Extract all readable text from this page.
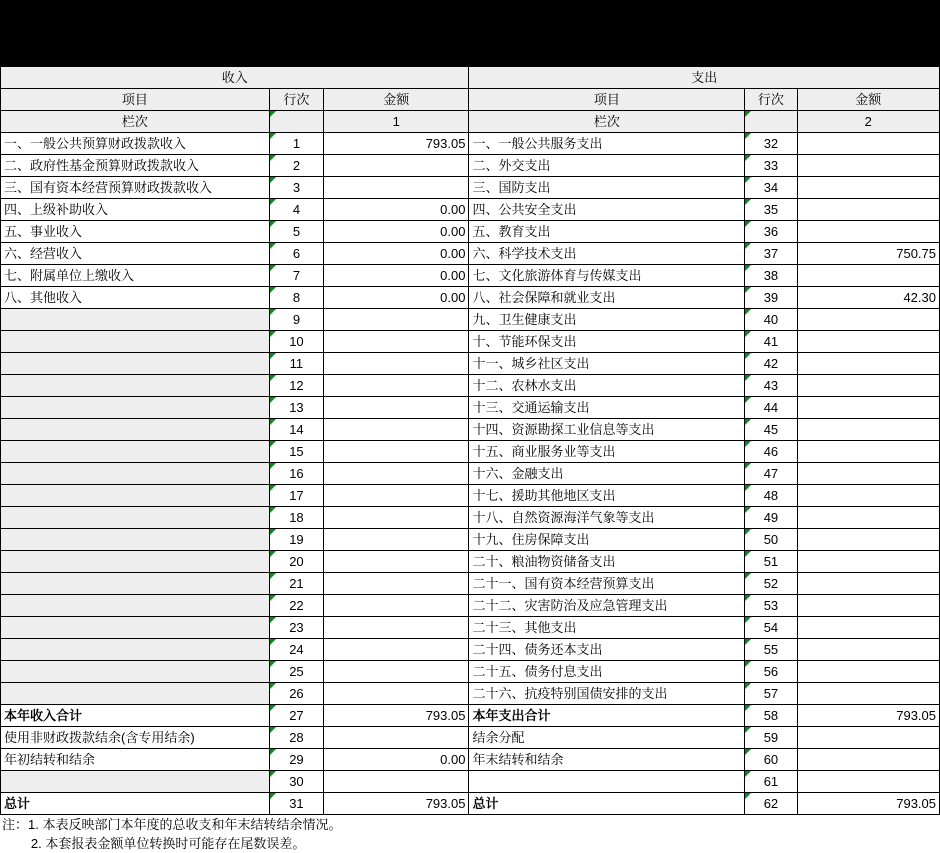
收入			支出		
项目	行次	金额	项目	行次	金额
栏次		1	栏次		2
一、一般公共预算财政拨款收入	1	793.05	一、一般公共服务支出	32	
二、政府性基金预算财政拨款收入	2		二、外交支出	33	
三、国有资本经营预算财政拨款收入	3		三、国防支出	34	
四、上级补助收入	4	0.00	四、公共安全支出	35	
五、事业收入	5	0.00	五、教育支出	36	
六、经营收入	6	0.00	六、科学技术支出	37	750.75
七、附属单位上缴收入	7	0.00	七、文化旅游体育与传媒支出	38	
八、其他收入	8	0.00	八、社会保障和就业支出	39	42.30
	9		九、卫生健康支出	40	
	10		十、节能环保支出	41	
	11		十一、城乡社区支出	42	
	12		十二、农林水支出	43	
	13		十三、交通运输支出	44	
	14		十四、资源勘探工业信息等支出	45	
	15		十五、商业服务业等支出	46	
	16		十六、金融支出	47	
	17		十七、援助其他地区支出	48	
	18		十八、自然资源海洋气象等支出	49	
	19		十九、住房保障支出	50	
	20		二十、粮油物资储备支出	51	
	21		二十一、国有资本经营预算支出	52	
	22		二十二、灾害防治及应急管理支出	53	
	23		二十三、其他支出	54	
	24		二十四、债务还本支出	55	
	25		二十五、债务付息支出	56	
	26		二十六、抗疫特别国债安排的支出	57	
本年收入合计	27	793.05	本年支出合计	58	793.05
使用非财政拨款结余(含专用结余)	28		结余分配	59	
年初结转和结余	29	0.00	年末结转和结余	60	
	30			61	
总计	31	793.05	总计	62	793.05
注：1. 本表反映部门本年度的总收支和年末结转结余情况。
2. 本套报表金额单位转换时可能存在尾数误差。
